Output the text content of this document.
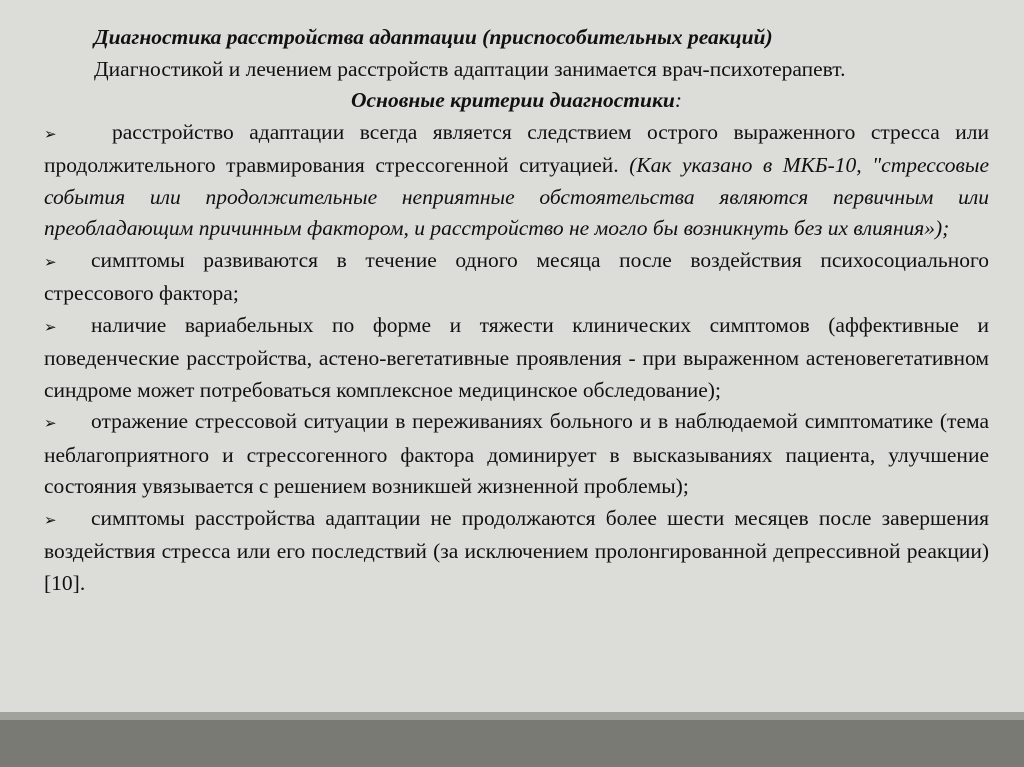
Диагностика расстройства адаптации (приспособительных реакций)

Диагностикой и лечением расстройств адаптации занимается врач-психотерапевт.

Основные критерии диагностики:

➢	расстройство адаптации всегда является следствием острого выраженного стресса или продолжительного травмирования стрессогенной ситуацией. (Как указано в МКБ-10, "стрессовые события или продолжительные неприятные обстоятельства являются первичным или преобладающим причинным фактором, и расстройство не могло бы возникнуть без их влияния»);

➢ симптомы развиваются в течение одного месяца после воздействия психосоциального стрессового фактора;

➢ наличие вариабельных по форме и тяжести клинических симптомов (аффективные и поведенческие расстройства, астено-вегетативные проявления - при выраженном астеновегетативном синдроме может потребоваться комплексное медицинское обследование);

➢ отражение стрессовой ситуации в переживаниях больного и в наблюдаемой симптоматике (тема неблагоприятного и стрессогенного фактора доминирует в высказываниях пациента, улучшение состояния увязывается с решением возникшей жизненной проблемы);

➢ симптомы расстройства адаптации не продолжаются более шести месяцев после завершения воздействия стресса или его последствий (за исключением пролонгированной депрессивной реакции) [10].
